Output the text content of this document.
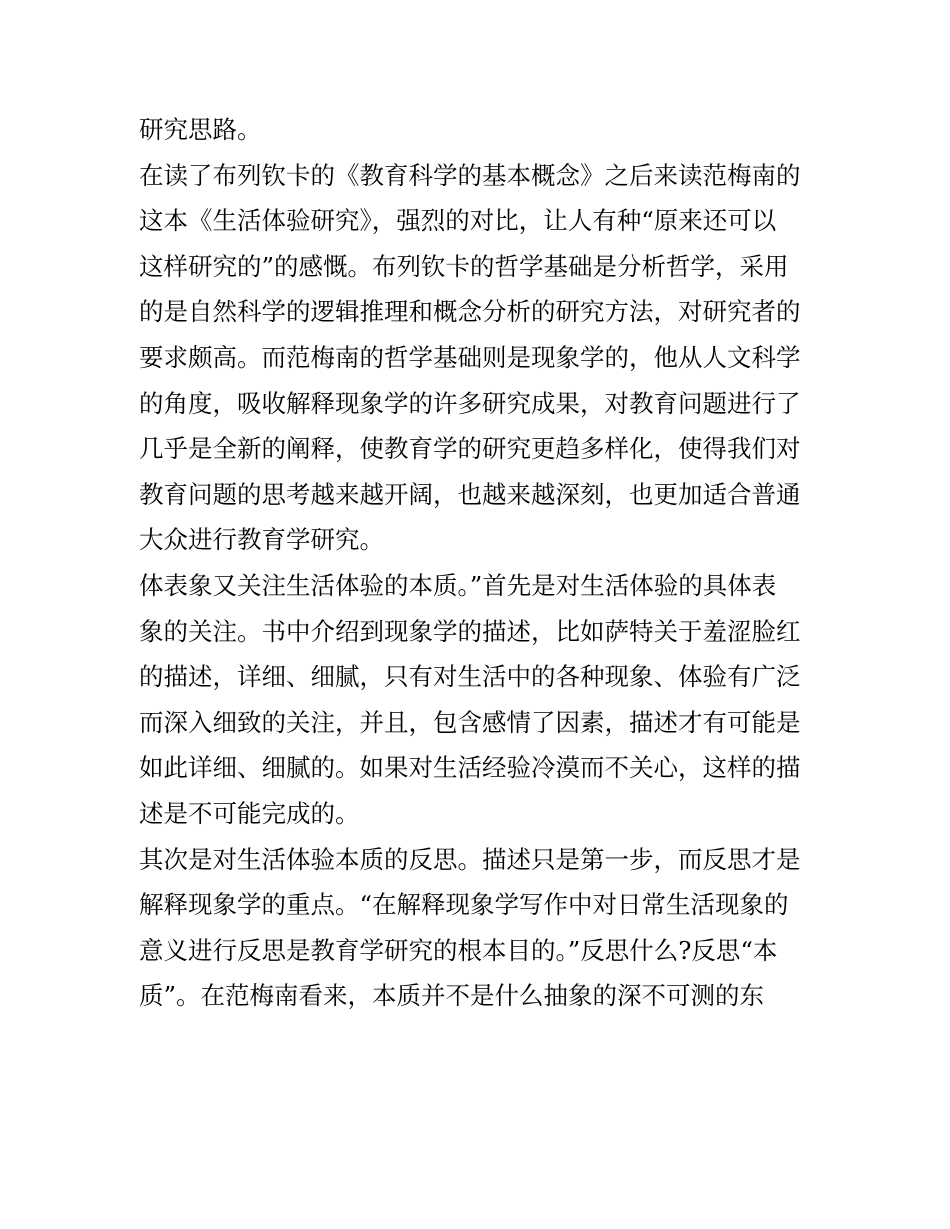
研究思路。
在读了布列钦卡的《教育科学的基本概念》之后来读范梅南的
这本《生活体验研究》，强烈的对比，让人有种“原来还可以
这样研究的”的感慨。布列钦卡的哲学基础是分析哲学，采用
的是自然科学的逻辑推理和概念分析的研究方法，对研究者的
要求颇高。而范梅南的哲学基础则是现象学的，他从人文科学
的角度，吸收解释现象学的许多研究成果，对教育问题进行了
几乎是全新的阐释，使教育学的研究更趋多样化，使得我们对
教育问题的思考越来越开阔，也越来越深刻，也更加适合普通
大众进行教育学研究。
体表象又关注生活体验的本质。”首先是对生活体验的具体表
象的关注。书中介绍到现象学的描述，比如萨特关于羞涩脸红
的描述，详细、细腻，只有对生活中的各种现象、体验有广泛
而深入细致的关注，并且，包含感情了因素，描述才有可能是
如此详细、细腻的。如果对生活经验冷漠而不关心，这样的描
述是不可能完成的。
其次是对生活体验本质的反思。描述只是第一步，而反思才是
解释现象学的重点。“在解释现象学写作中对日常生活现象的
意义进行反思是教育学研究的根本目的。”反思什么?反思“本
质”。在范梅南看来，本质并不是什么抽象的深不可测的东
